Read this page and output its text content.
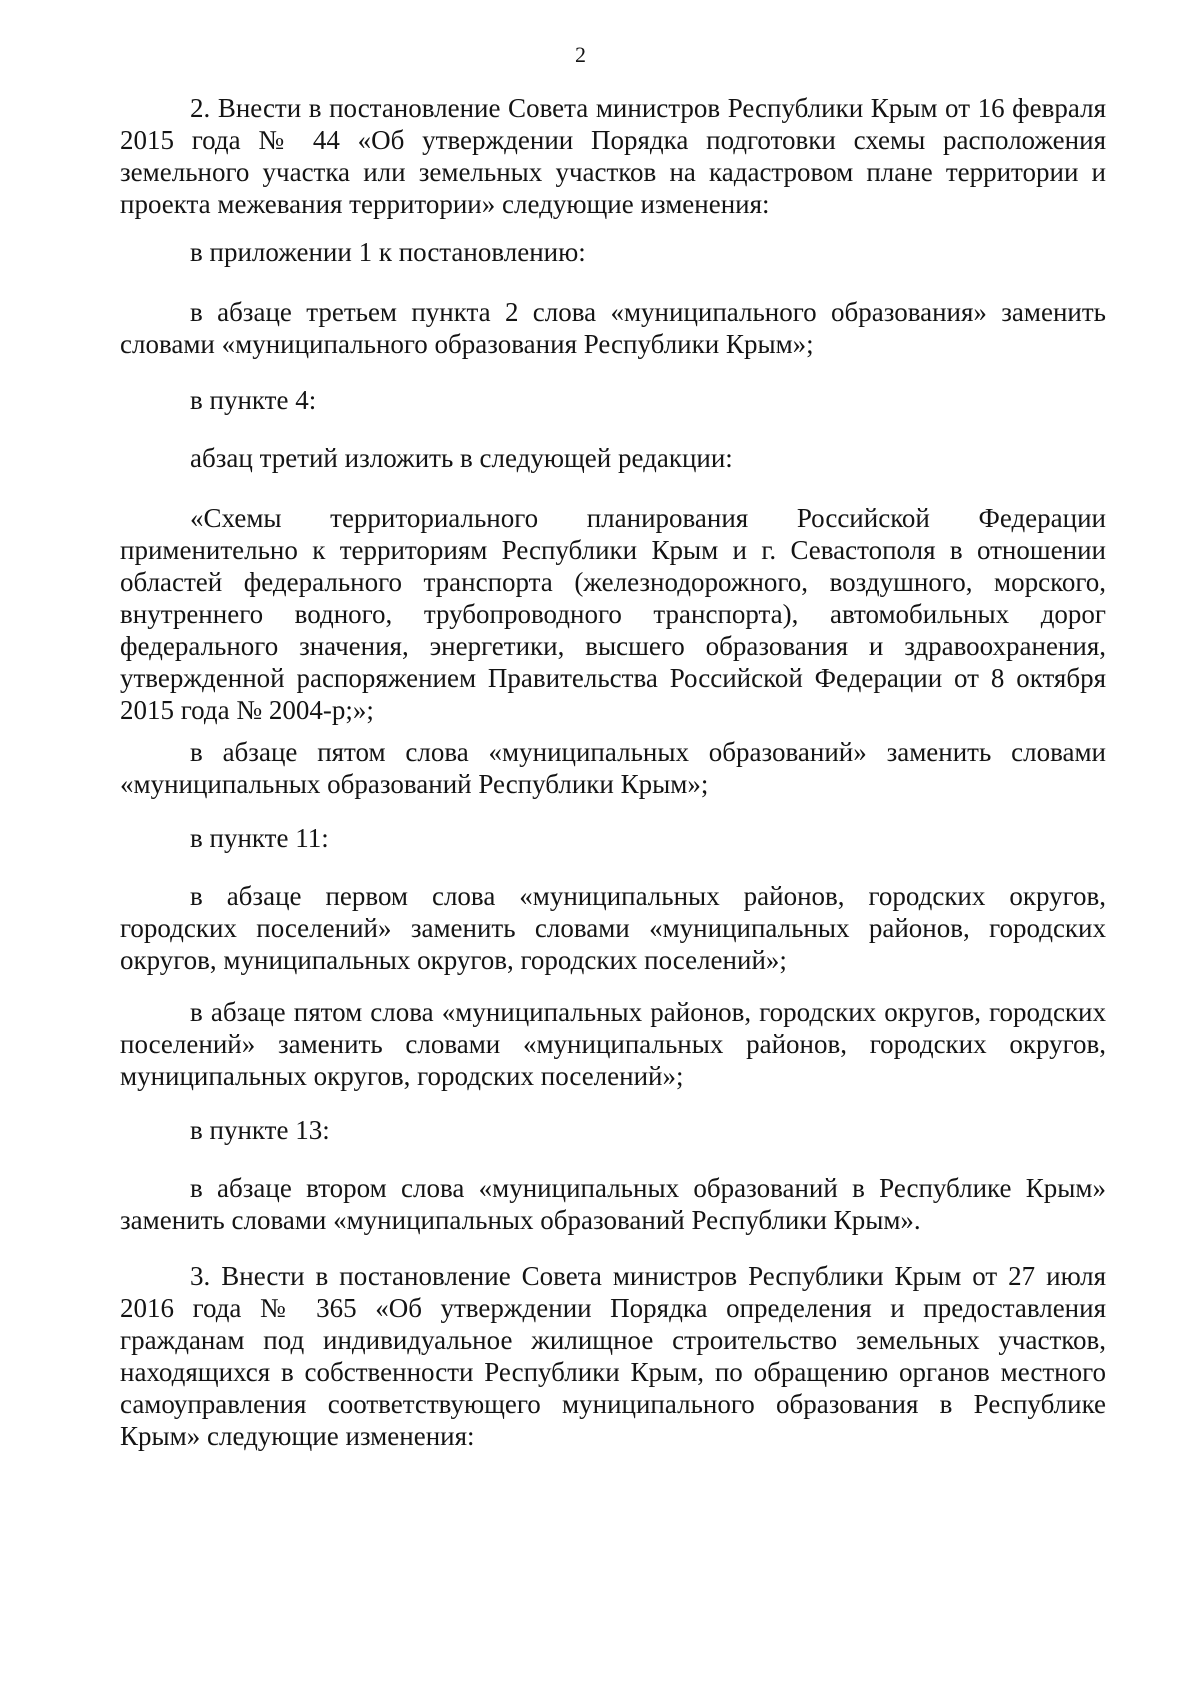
2

2. Внести в постановление Совета министров Республики Крым от 16 февраля 2015 года № 44 «Об утверждении Порядка подготовки схемы расположения земельного участка или земельных участков на кадастровом плане территории и проекта межевания территории» следующие изменения:

в приложении 1 к постановлению:

в абзаце третьем пункта 2 слова «муниципального образования» заменить словами «муниципального образования Республики Крым»;

в пункте 4:

абзац третий изложить в следующей редакции:

«Схемы территориального планирования Российской Федерации применительно к территориям Республики Крым и г. Севастополя в отношении областей федерального транспорта (железнодорожного, воздушного, морского, внутреннего водного, трубопроводного транспорта), автомобильных дорог федерального значения, энергетики, высшего образования и здравоохранения, утвержденной распоряжением Правительства Российской Федерации от 8 октября 2015 года № 2004-р;»;

в абзаце пятом слова «муниципальных образований» заменить словами «муниципальных образований Республики Крым»;

в пункте 11:

в абзаце первом слова «муниципальных районов, городских округов, городских поселений» заменить словами «муниципальных районов, городских округов, муниципальных округов, городских поселений»;

в абзаце пятом слова «муниципальных районов, городских округов, городских поселений» заменить словами «муниципальных районов, городских округов, муниципальных округов, городских поселений»;

в пункте 13:

в абзаце втором слова «муниципальных образований в Республике Крым» заменить словами «муниципальных образований Республики Крым».

3. Внести в постановление Совета министров Республики Крым от 27 июля 2016 года № 365 «Об утверждении Порядка определения и предоставления гражданам под индивидуальное жилищное строительство земельных участков, находящихся в собственности Республики Крым, по обращению органов местного самоуправления соответствующего муниципального образования в Республике Крым» следующие изменения:
